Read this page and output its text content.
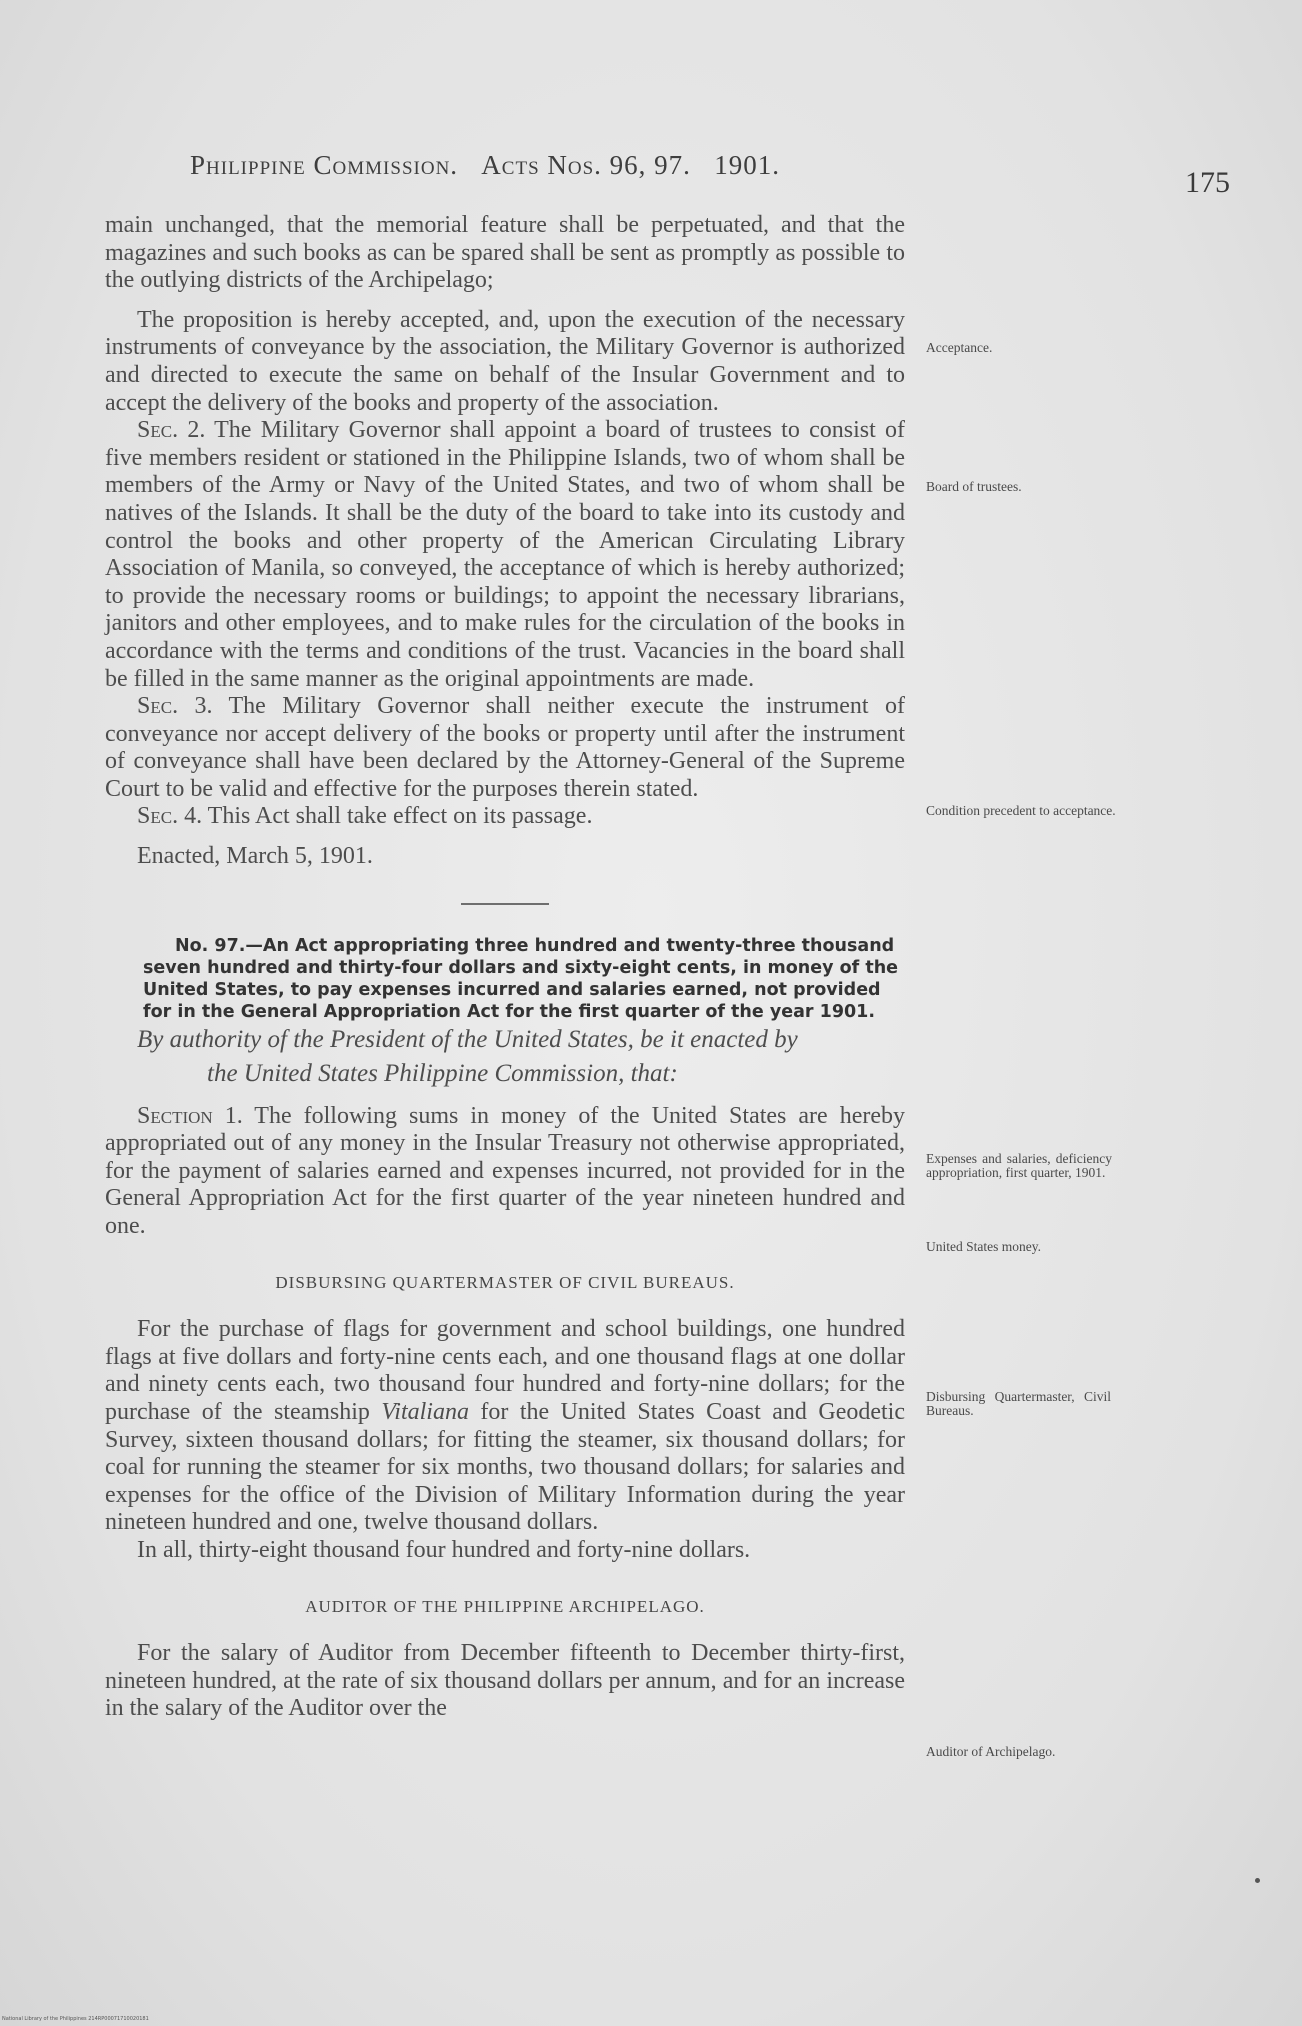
Philippine Commission. Acts Nos. 96, 97. 1901.
175

main unchanged, that the memorial feature shall be perpetuated, and that the magazines and such books as can be spared shall be sent as promptly as possible to the outlying districts of the Archipelago;

The proposition is hereby accepted, and, upon the execution of the necessary instruments of conveyance by the association, the Military Governor is authorized and directed to execute the same on behalf of the Insular Government and to accept the delivery of the books and property of the association.

Sec. 2. The Military Governor shall appoint a board of trustees to consist of five members resident or stationed in the Philippine Islands, two of whom shall be members of the Army or Navy of the United States, and two of whom shall be natives of the Islands. It shall be the duty of the board to take into its custody and control the books and other property of the American Circulating Library Association of Manila, so conveyed, the acceptance of which is hereby authorized; to provide the necessary rooms or buildings; to appoint the necessary librarians, janitors and other employees, and to make rules for the circulation of the books in accordance with the terms and conditions of the trust. Vacancies in the board shall be filled in the same manner as the original appointments are made.

Sec. 3. The Military Governor shall neither execute the instrument of conveyance nor accept delivery of the books or property until after the instrument of conveyance shall have been declared by the Attorney-General of the Supreme Court to be valid and effective for the purposes therein stated.

Sec. 4. This Act shall take effect on its passage.

Enacted, March 5, 1901.

No. 97.—An Act appropriating three hundred and twenty-three thousand seven hundred and thirty-four dollars and sixty-eight cents, in money of the United States, to pay expenses incurred and salaries earned, not provided for in the General Appropriation Act for the first quarter of the year 1901.

By authority of the President of the United States, be it enacted by
the United States Philippine Commission, that:

Section 1. The following sums in money of the United States are hereby appropriated out of any money in the Insular Treasury not otherwise appropriated, for the payment of salaries earned and expenses incurred, not provided for in the General Appropriation Act for the first quarter of the year nineteen hundred and one.

DISBURSING QUARTERMASTER OF CIVIL BUREAUS.

For the purchase of flags for government and school buildings, one hundred flags at five dollars and forty-nine cents each, and one thousand flags at one dollar and ninety cents each, two thousand four hundred and forty-nine dollars; for the purchase of the steamship Vitaliana for the United States Coast and Geodetic Survey, sixteen thousand dollars; for fitting the steamer, six thousand dollars; for coal for running the steamer for six months, two thousand dollars; for salaries and expenses for the office of the Division of Military Information during the year nineteen hundred and one, twelve thousand dollars.

In all, thirty-eight thousand four hundred and forty-nine dollars.

AUDITOR OF THE PHILIPPINE ARCHIPELAGO.

For the salary of Auditor from December fifteenth to December thirty-first, nineteen hundred, at the rate of six thousand dollars per annum, and for an increase in the salary of the Auditor over the

Acceptance.
Board of trustees.
Condition precedent to acceptance.
Expenses and salaries, deficiency appropriation, first quarter, 1901.
United States money.
Disbursing Quartermaster, Civil Bureaus.
Auditor of Archipelago.
National Library of the Philippines 214RP00071710020181
